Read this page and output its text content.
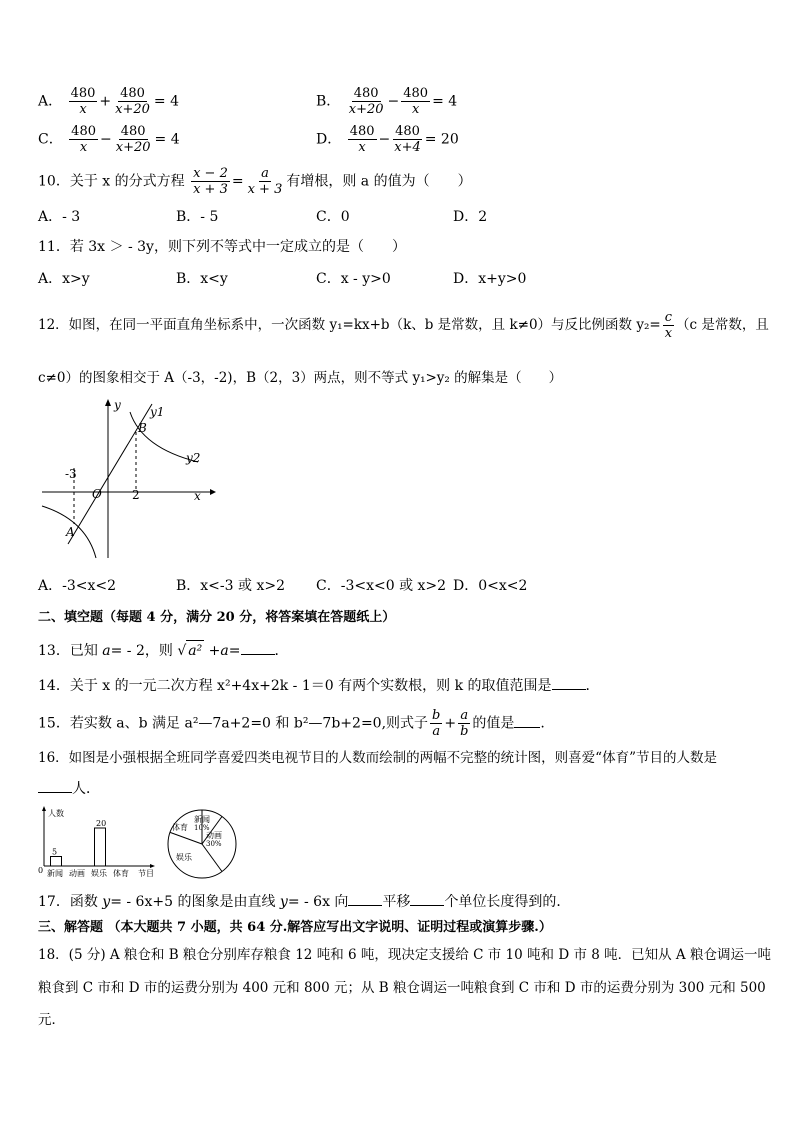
A． $\frac{480}{x} + \frac{480}{x+20} = 4$	B． $\frac{480}{x+20} - \frac{480}{x} = 4$
C． $\frac{480}{x} - \frac{480}{x+20} = 4$	D． $\frac{480}{x} - \frac{480}{x+4} = 20$
10．关于 x 的分式方程 $\frac{x - 2}{x + 3} = \frac{a}{x + 3}$ 有增根，则 a 的值为（　　）
A．- 3	B．- 5	C．0	D．2
11．若 3x ＞ - 3y，则下列不等式中一定成立的是（　　）
A．x>y	B．x<y	C．x - y>0	D．x+y>0
12．如图，在同一平面直角坐标系中，一次函数 y₁=kx+b（k、b 是常数，且 k≠0）与反比例函数 $y_2= \frac{c}{x} (c$ 是常数，且
c≠0）的图象相交于 A（-3，-2)，B（2，3）两点，则不等式 y₁>y₂ 的解集是（　　）
y y1
y2
B
A
O	x
-3
2
A．-3<x<2	B．x<-3 或 x>2 C．-3<x<0 或 x>2 D．0<x<2
二、填空题（每题 4 分，满分 20 分，将答案填在答题纸上）
13．已知 a= - 2，则 √ a² +a= ．
14．关于 x 的一元二次方程 x²+4x+2k - 1＝0 有两个实数根，则 k 的取值范围是 ．
15．若实数 a、b 满足 a²—7a+2=0 和 b²—7b+2=0,则式子 $\frac{b}{a} + \frac{a}{b}$ 的值是 .
16．如图是小强根据全班同学喜爱四类电视节目的人数而绘制的两幅不完整的统计图，则喜爱“体育”节目的人数是
人．
人数
0	节目
5
新闻 动画
20
娱乐 体育
新闻
10%
动画
30%
娱乐
体育
17．函数 y= - 6x+5 的图象是由直线 y= - 6x 向 平移 个单位长度得到的．
三、解答题 （本大题共 7 小题，共 64 分.解答应写出文字说明、证明过程或演算步骤.）
18．(5 分) A 粮仓和 B 粮仓分别库存粮食 12 吨和 6 吨，现决定支援给 C 市 10 吨和 D 市 8 吨．已知从 A 粮仓调运一吨
粮食到 C 市和 D 市的运费分别为 400 元和 800 元；从 B 粮仓调运一吨粮食到 C 市和 D 市的运费分别为 300 元和 500
元．
